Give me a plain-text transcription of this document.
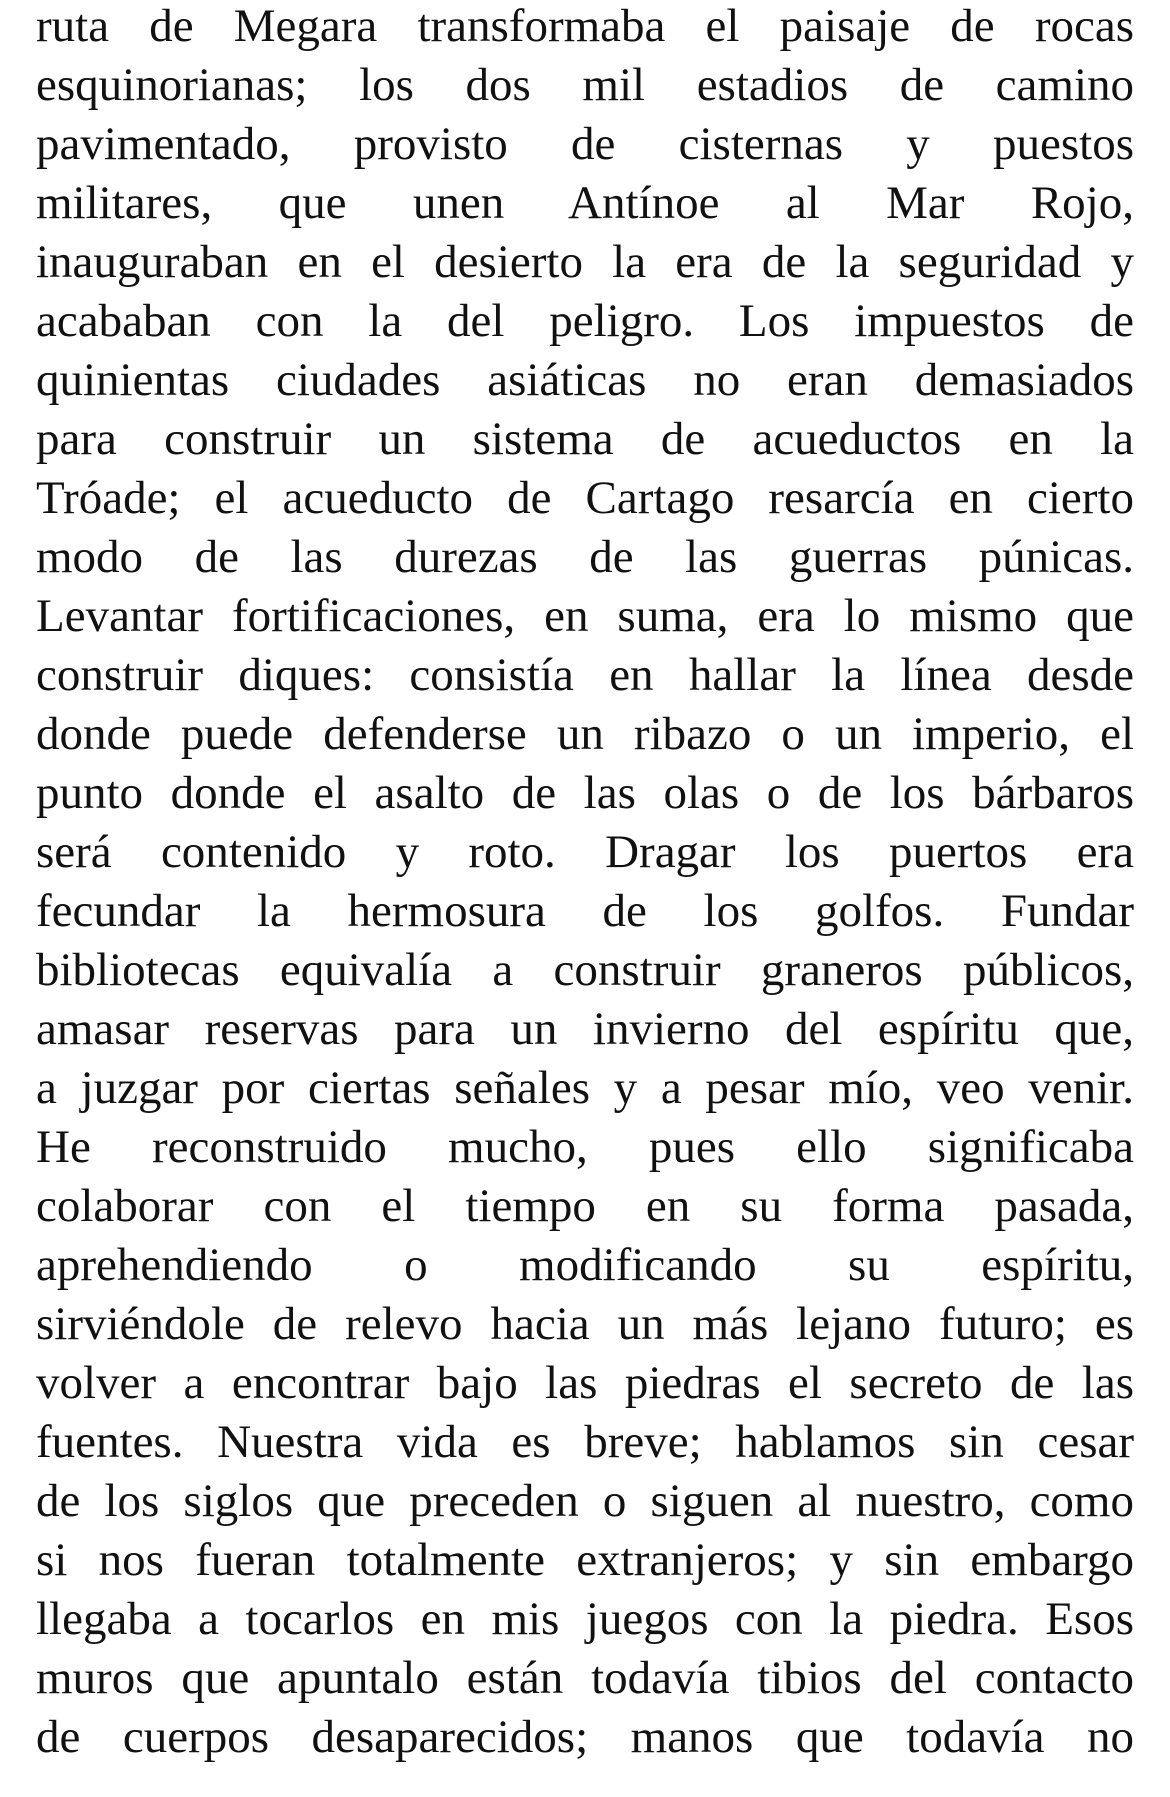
ruta de Megara transformaba el paisaje de rocas
esquinorianas; los dos mil estadios de camino
pavimentado, provisto de cisternas y puestos
militares, que unen Antínoe al Mar Rojo,
inauguraban en el desierto la era de la seguridad y
acababan con la del peligro. Los impuestos de
quinientas ciudades asiáticas no eran demasiados
para construir un sistema de acueductos en la
Tróade; el acueducto de Cartago resarcía en cierto
modo de las durezas de las guerras púnicas.
Levantar fortificaciones, en suma, era lo mismo que
construir diques: consistía en hallar la línea desde
donde puede defenderse un ribazo o un imperio, el
punto donde el asalto de las olas o de los bárbaros
será contenido y roto. Dragar los puertos era
fecundar la hermosura de los golfos. Fundar
bibliotecas equivalía a construir graneros públicos,
amasar reservas para un invierno del espíritu que,
a juzgar por ciertas señales y a pesar mío, veo venir.
He reconstruido mucho, pues ello significaba
colaborar con el tiempo en su forma pasada,
aprehendiendo o modificando su espíritu,
sirviéndole de relevo hacia un más lejano futuro; es
volver a encontrar bajo las piedras el secreto de las
fuentes. Nuestra vida es breve; hablamos sin cesar
de los siglos que preceden o siguen al nuestro, como
si nos fueran totalmente extranjeros; y sin embargo
llegaba a tocarlos en mis juegos con la piedra. Esos
muros que apuntalo están todavía tibios del contacto
de cuerpos desaparecidos; manos que todavía no
